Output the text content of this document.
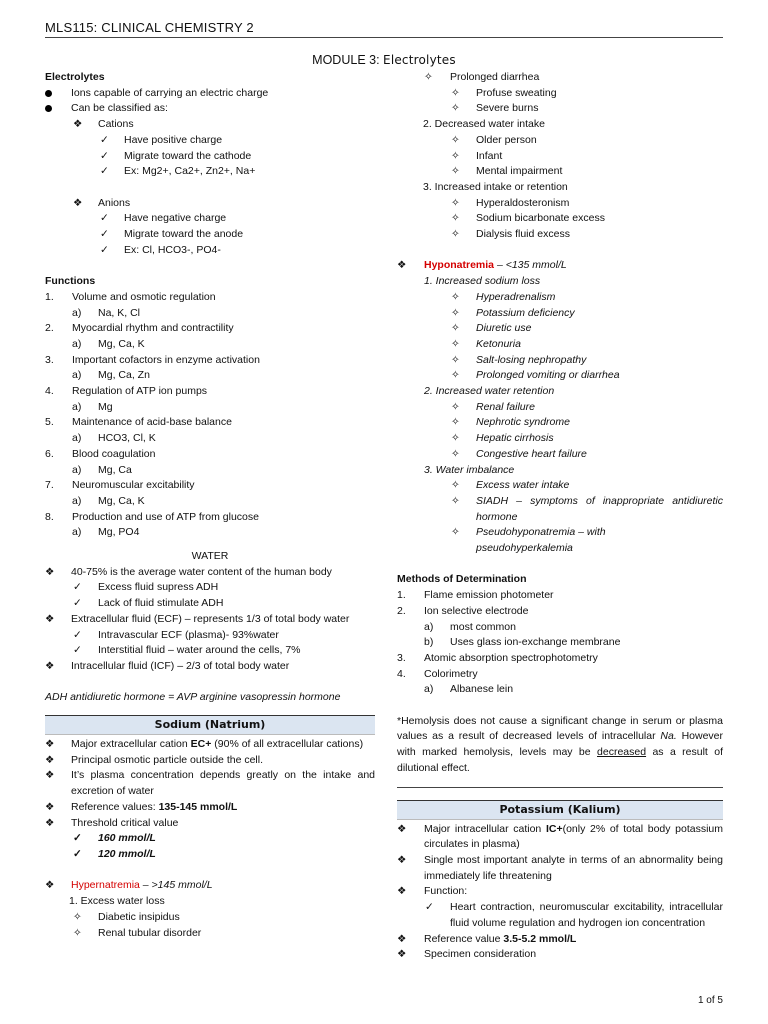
MLS115: CLINICAL CHEMISTRY 2
MODULE 3: Electrolytes
Electrolytes
Ions capable of carrying an electric charge
Can be classified as:
❖ Cations
✓ Have positive charge
✓ Migrate toward the cathode
✓ Ex: Mg2+, Ca2+, Zn2+, Na+
❖ Anions
✓ Have negative charge
✓ Migrate toward the anode
✓ Ex: Cl, HCO3-, PO4-
Functions
1. Volume and osmotic regulation
a) Na, K, Cl
2. Myocardial rhythm and contractility
a) Mg, Ca, K
3. Important cofactors in enzyme activation
a) Mg, Ca, Zn
4. Regulation of ATP ion pumps
a) Mg
5. Maintenance of acid-base balance
a) HCO3, Cl, K
6. Blood coagulation
a) Mg, Ca
7. Neuromuscular excitability
a) Mg, Ca, K
8. Production and use of ATP from glucose
a) Mg, PO4
WATER
❖ 40-75% is the average water content of the human body
✓ Excess fluid supress ADH
✓ Lack of fluid stimulate ADH
❖ Extracellular fluid (ECF) – represents 1/3 of total body water
✓ Intravascular ECF (plasma)- 93%water
✓ Interstitial fluid – water around the cells, 7%
❖ Intracellular fluid (ICF) – 2/3 of total body water
ADH antidiuretic hormone = AVP arginine vasopressin hormone
Sodium (Natrium)
❖ Major extracellular cation EC+ (90% of all extracellular cations)
❖ Principal osmotic particle outside the cell.
❖ It’s plasma concentration depends greatly on the intake and excretion of water
❖ Reference values: 135-145 mmol/L
❖ Threshold critical value
✓ 160 mmol/L
✓ 120 mmol/L
❖ Hypernatremia – >145 mmol/L
1. Excess water loss
✧ Diabetic insipidus
✧ Renal tubular disorder
✧ Prolonged diarrhea
✧ Profuse sweating
✧ Severe burns
2. Decreased water intake
✧ Older person
✧ Infant
✧ Mental impairment
3. Increased intake or retention
✧ Hyperaldosteronism
✧ Sodium bicarbonate excess
✧ Dialysis fluid excess
❖ Hyponatremia – <135 mmol/L
1. Increased sodium loss
✧ Hyperadrenalism
✧ Potassium deficiency
✧ Diuretic use
✧ Ketonuria
✧ Salt-losing nephropathy
✧ Prolonged vomiting or diarrhea
2. Increased water retention
✧ Renal failure
✧ Nephrotic syndrome
✧ Hepatic cirrhosis
✧ Congestive heart failure
3. Water imbalance
✧ Excess water intake
✧ SIADH – symptoms of inappropriate antidiuretic hormone
✧ Pseudohyponatremia – with pseudohyperkalemia
Methods of Determination
1. Flame emission photometer
2. Ion selective electrode
a) most common
b) Uses glass ion-exchange membrane
3. Atomic absorption spectrophotometry
4. Colorimetry
a) Albanese lein
*Hemolysis does not cause a significant change in serum or plasma values as a result of decreased levels of intracellular Na. However with marked hemolysis, levels may be decreased as a result of dilutional effect.
Potassium (Kalium)
❖ Major intracellular cation IC+(only 2% of total body potassium circulates in plasma)
❖ Single most important analyte in terms of an abnormality being immediately life threatening
❖ Function:
✓ Heart contraction, neuromuscular excitability, intracellular fluid volume regulation and hydrogen ion concentration
❖ Reference value 3.5-5.2 mmol/L
❖ Specimen consideration
1 of 5
